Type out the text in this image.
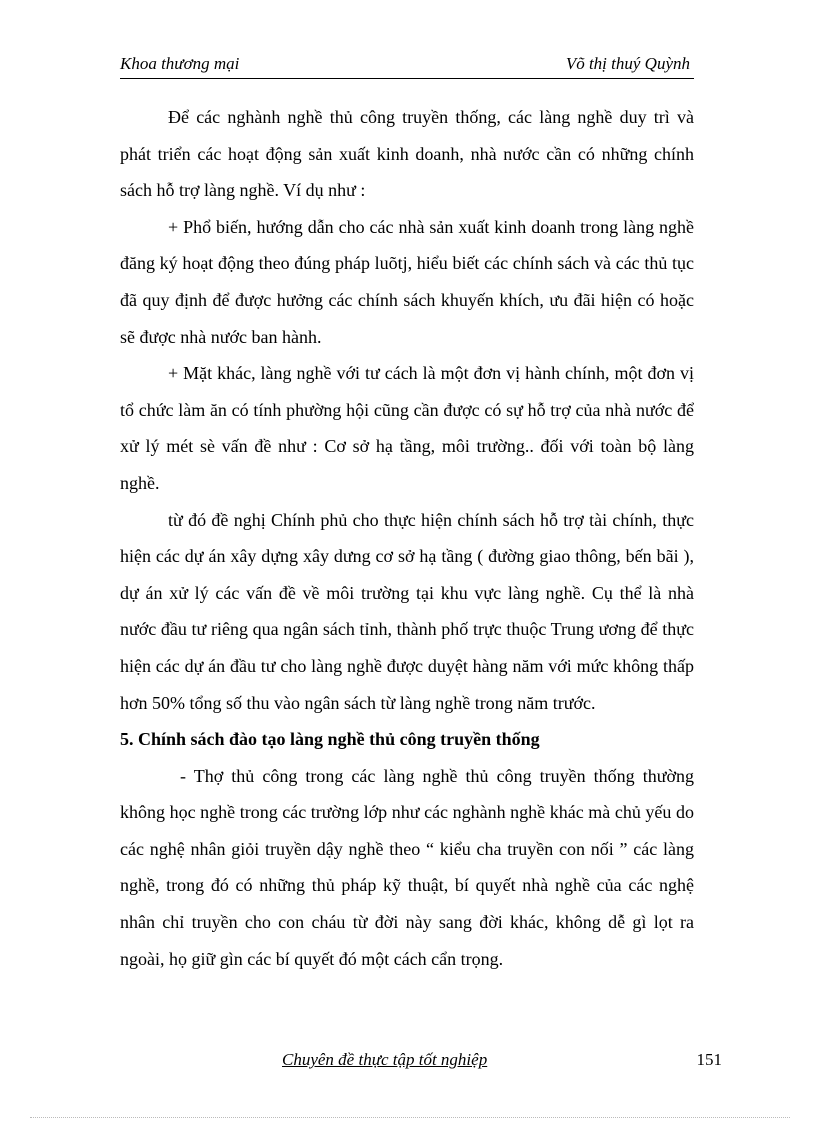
Khoa thương mại	Võ thị thuý Quỳnh

Để các nghành nghề thủ công truyền thống, các làng nghề duy trì và phát triển các hoạt động sản xuất kinh doanh, nhà nước cần có những chính sách hỗ trợ làng nghề. Ví dụ như :

+ Phổ biến, hướng dẫn cho các nhà sản xuất kinh doanh trong làng nghề đăng ký hoạt động theo đúng pháp luõtj, hiểu biết các chính sách và các thủ tục đã quy định để được hưởng các chính sách khuyến khích, ưu đãi hiện có hoặc sẽ được nhà nước ban hành.

+ Mặt khác, làng nghề với tư cách là một đơn vị hành chính, một đơn vị tổ chức làm ăn có tính phường hội cũng cần được có sự hỗ trợ của nhà nước để xử lý mét sè vấn đề như : Cơ sở hạ tầng, môi trường.. đối với toàn bộ làng nghề.

từ đó đề nghị Chính phủ cho thực hiện chính sách hỗ trợ tài chính, thực hiện các dự án xây dựng xây dưng cơ sở hạ tầng ( đường giao thông, bến bãi ), dự án xử lý các vấn đề về môi trường tại khu vực làng nghề. Cụ thể là nhà nước đầu tư riêng qua ngân sách tỉnh, thành phố trực thuộc Trung ương để thực hiện các dự án đầu tư cho làng nghề được duyệt hàng năm với mức không thấp hơn 50% tổng số thu vào ngân sách từ làng nghề trong năm trước.

5. Chính sách đào tạo làng nghề thủ công truyền thống

- Thợ thủ công trong các làng nghề thủ công truyền thống thường không học nghề trong các trường lớp như các nghành nghề khác mà chủ yếu do các nghệ nhân giỏi truyền dậy nghề theo “ kiểu cha truyền con nối ” các làng nghề, trong đó có những thủ pháp kỹ thuật, bí quyết nhà nghề của các nghệ nhân chỉ truyền cho con cháu từ đời này sang đời khác, không dễ gì lọt ra ngoài, họ giữ gìn các bí quyết đó một cách cẩn trọng.

Chuyên đề thực tập tốt nghiệp	151
